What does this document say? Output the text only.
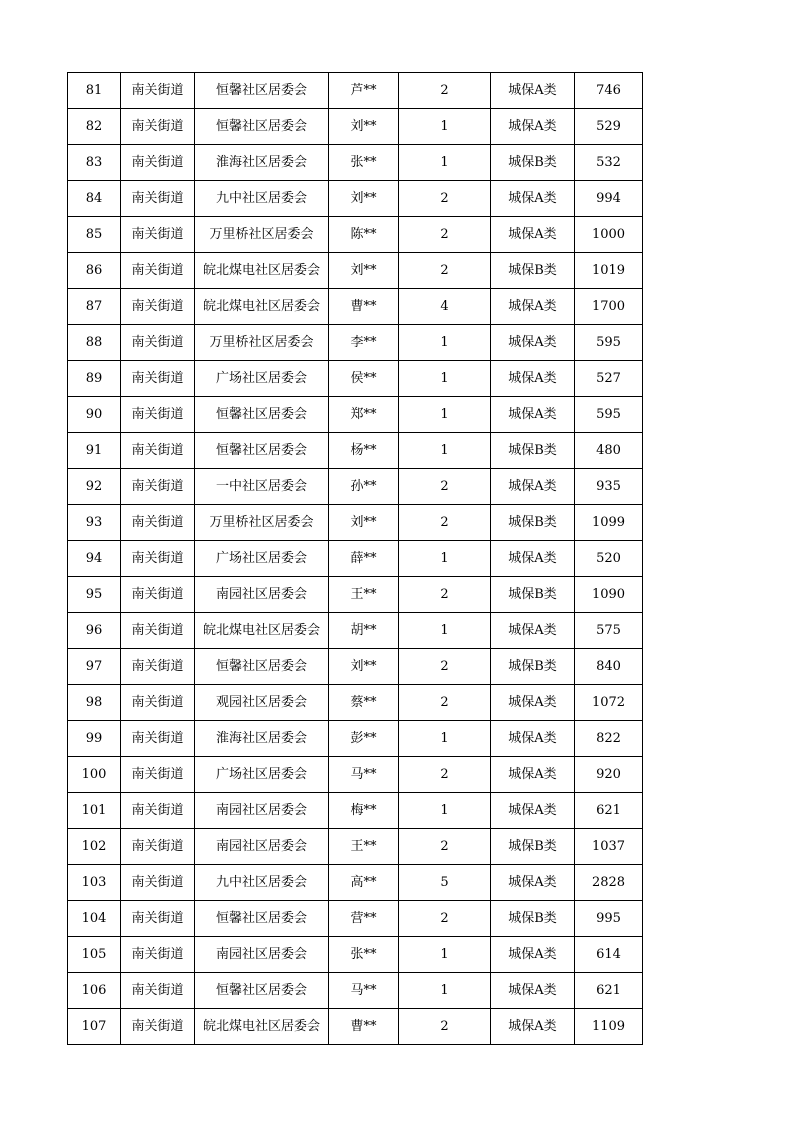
81	南关街道	恒馨社区居委会	芦**	2	城保A类	746
82	南关街道	恒馨社区居委会	刘**	1	城保A类	529
83	南关街道	淮海社区居委会	张**	1	城保B类	532
84	南关街道	九中社区居委会	刘**	2	城保A类	994
85	南关街道	万里桥社区居委会	陈**	2	城保A类	1000
86	南关街道	皖北煤电社区居委会	刘**	2	城保B类	1019
87	南关街道	皖北煤电社区居委会	曹**	4	城保A类	1700
88	南关街道	万里桥社区居委会	李**	1	城保A类	595
89	南关街道	广场社区居委会	侯**	1	城保A类	527
90	南关街道	恒馨社区居委会	郑**	1	城保A类	595
91	南关街道	恒馨社区居委会	杨**	1	城保B类	480
92	南关街道	一中社区居委会	孙**	2	城保A类	935
93	南关街道	万里桥社区居委会	刘**	2	城保B类	1099
94	南关街道	广场社区居委会	薛**	1	城保A类	520
95	南关街道	南园社区居委会	王**	2	城保B类	1090
96	南关街道	皖北煤电社区居委会	胡**	1	城保A类	575
97	南关街道	恒馨社区居委会	刘**	2	城保B类	840
98	南关街道	观园社区居委会	蔡**	2	城保A类	1072
99	南关街道	淮海社区居委会	彭**	1	城保A类	822
100	南关街道	广场社区居委会	马**	2	城保A类	920
101	南关街道	南园社区居委会	梅**	1	城保A类	621
102	南关街道	南园社区居委会	王**	2	城保B类	1037
103	南关街道	九中社区居委会	高**	5	城保A类	2828
104	南关街道	恒馨社区居委会	营**	2	城保B类	995
105	南关街道	南园社区居委会	张**	1	城保A类	614
106	南关街道	恒馨社区居委会	马**	1	城保A类	621
107	南关街道	皖北煤电社区居委会	曹**	2	城保A类	1109
